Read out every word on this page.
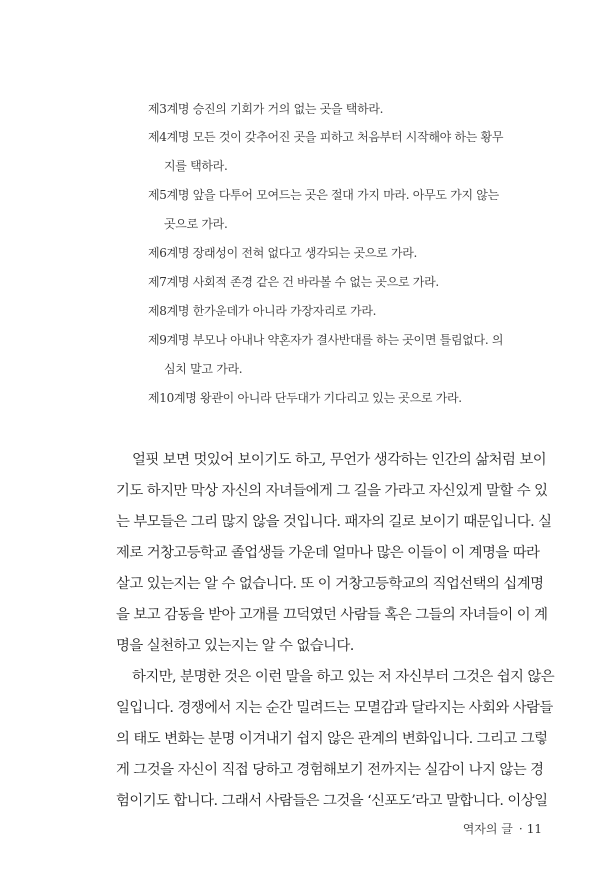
제3계명 승진의 기회가 거의 없는 곳을 택하라.
제4계명 모든 것이 갖추어진 곳을 피하고 처음부터 시작해야 하는 황무
지를 택하라.
제5계명 앞을 다투어 모여드는 곳은 절대 가지 마라. 아무도 가지 않는
곳으로 가라.
제6계명 장래성이 전혀 없다고 생각되는 곳으로 가라.
제7계명 사회적 존경 같은 건 바라볼 수 없는 곳으로 가라.
제8계명 한가운데가 아니라 가장자리로 가라.
제9계명 부모나 아내나 약혼자가 결사반대를 하는 곳이면 틀림없다. 의
심치 말고 가라.
제10계명 왕관이 아니라 단두대가 기다리고 있는 곳으로 가라.
얼핏 보면 멋있어 보이기도 하고, 무언가 생각하는 인간의 삶처럼 보이
기도 하지만 막상 자신의 자녀들에게 그 길을 가라고 자신있게 말할 수 있
는 부모들은 그리 많지 않을 것입니다. 패자의 길로 보이기 때문입니다. 실
제로 거창고등학교 졸업생들 가운데 얼마나 많은 이들이 이 계명을 따라
살고 있는지는 알 수 없습니다. 또 이 거창고등학교의 직업선택의 십계명
을 보고 감동을 받아 고개를 끄덕였던 사람들 혹은 그들의 자녀들이 이 계
명을 실천하고 있는지는 알 수 없습니다.
하지만, 분명한 것은 이런 말을 하고 있는 저 자신부터 그것은 쉽지 않은
일입니다. 경쟁에서 지는 순간 밀려드는 모멸감과 달라지는 사회와 사람들
의 태도 변화는 분명 이겨내기 쉽지 않은 관계의 변화입니다. 그리고 그렇
게 그것을 자신이 직접 당하고 경험해보기 전까지는 실감이 나지 않는 경
험이기도 합니다. 그래서 사람들은 그것을 ‘신포도’라고 말합니다. 이상일
역자의 글 · 11
